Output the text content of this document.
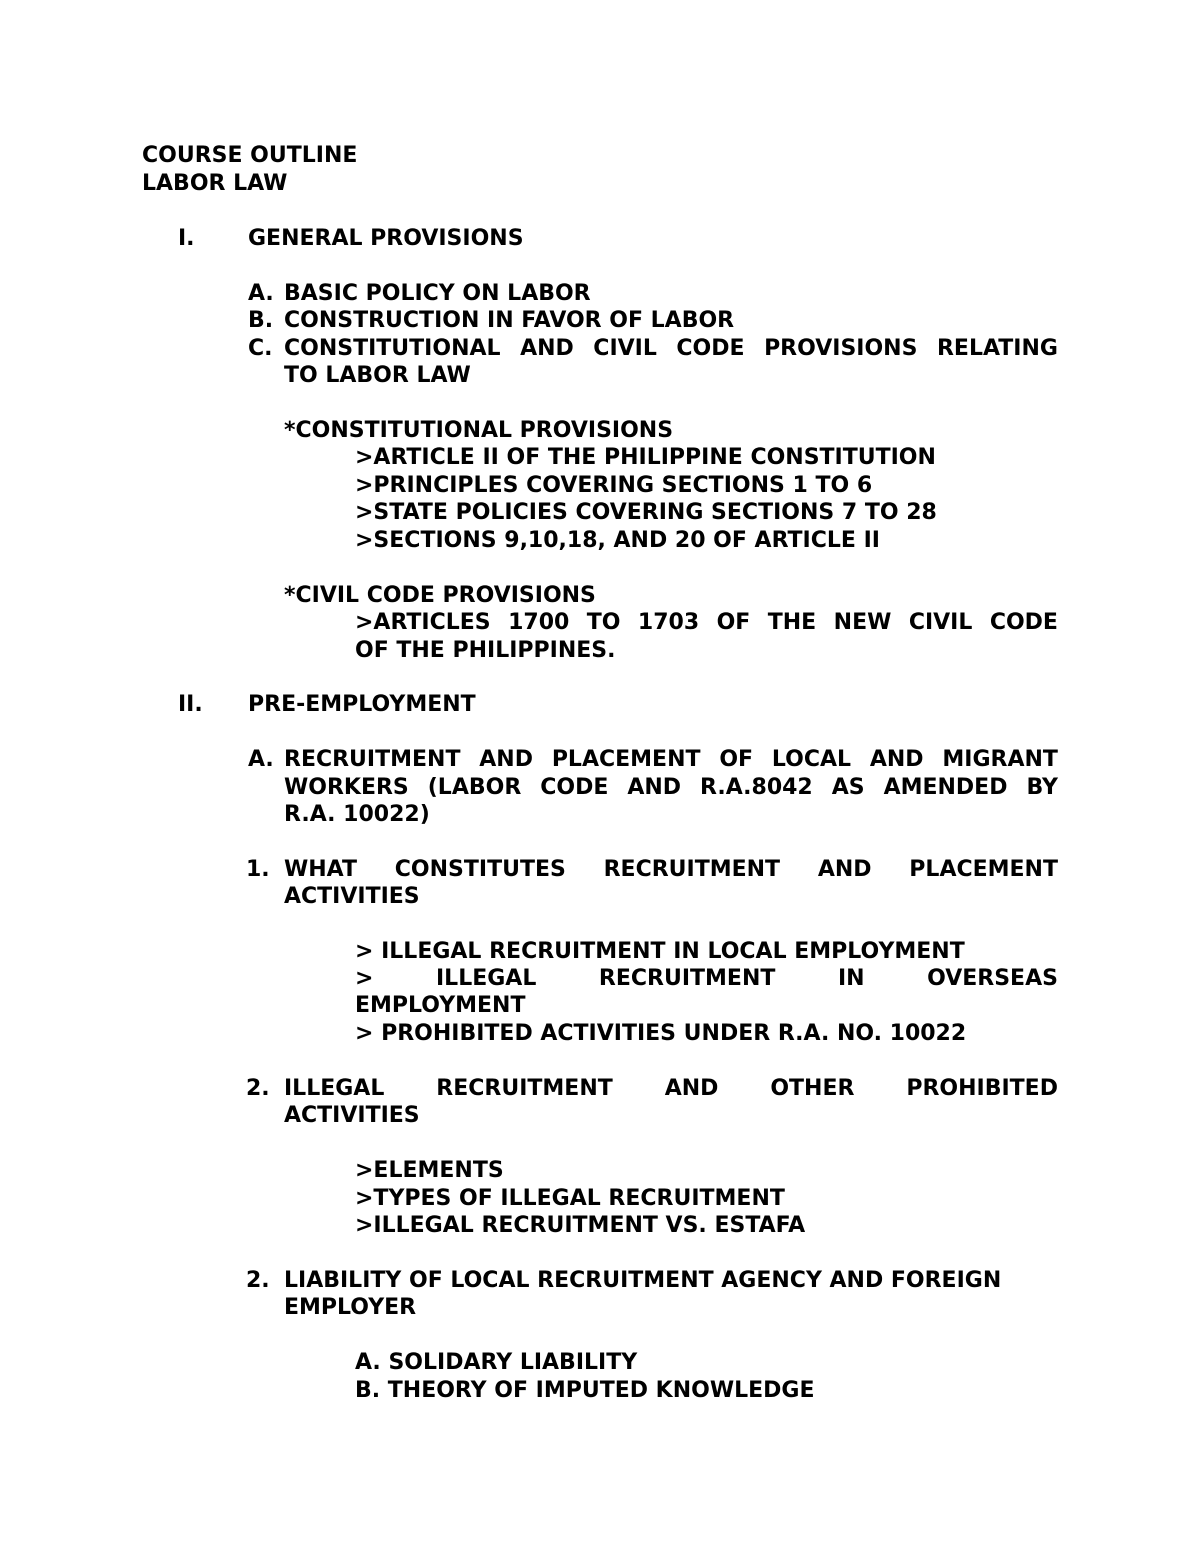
COURSE OUTLINE
LABOR LAW
I. GENERAL PROVISIONS
A. BASIC POLICY ON LABOR
B. CONSTRUCTION IN FAVOR OF LABOR
C. CONSTITUTIONAL AND CIVIL CODE PROVISIONS RELATING
TO LABOR LAW
*CONSTITUTIONAL PROVISIONS
>ARTICLE II OF THE PHILIPPINE CONSTITUTION
>PRINCIPLES COVERING SECTIONS 1 TO 6
>STATE POLICIES COVERING SECTIONS 7 TO 28
>SECTIONS 9,10,18, AND 20 OF ARTICLE II
*CIVIL CODE PROVISIONS
>ARTICLES 1700 TO 1703 OF THE NEW CIVIL CODE
OF THE PHILIPPINES.
II. PRE-EMPLOYMENT
A. RECRUITMENT AND PLACEMENT OF LOCAL AND MIGRANT
WORKERS (LABOR CODE AND R.A.8042 AS AMENDED BY
R.A. 10022)
1. WHAT CONSTITUTES RECRUITMENT AND PLACEMENT
ACTIVITIES
> ILLEGAL RECRUITMENT IN LOCAL EMPLOYMENT
>	ILLEGAL	RECRUITMENT	IN	OVERSEAS
EMPLOYMENT
> PROHIBITED ACTIVITIES UNDER R.A. NO. 10022
2. ILLEGAL RECRUITMENT AND OTHER PROHIBITED
ACTIVITIES
>ELEMENTS
>TYPES OF ILLEGAL RECRUITMENT
>ILLEGAL RECRUITMENT VS. ESTAFA
2. LIABILITY OF LOCAL RECRUITMENT AGENCY AND FOREIGN
EMPLOYER
A. SOLIDARY LIABILITY
B. THEORY OF IMPUTED KNOWLEDGE
